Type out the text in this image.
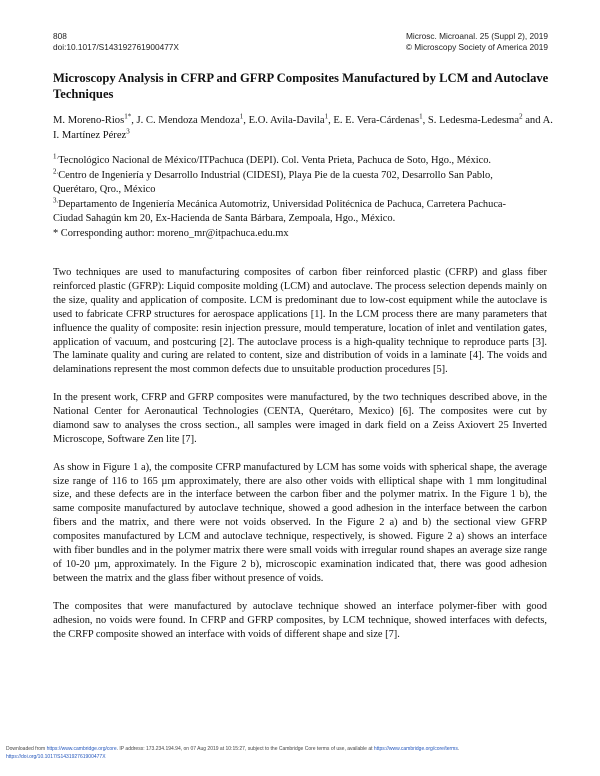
808
doi:10.1017/S143192761900477X
Microsc. Microanal. 25 (Suppl 2), 2019
© Microscopy Society of America 2019
Microscopy Analysis in CFRP and GFRP Composites Manufactured by LCM and Autoclave Techniques

M. Moreno-Rios$^{1*}$, J. C. Mendoza Mendoza$^1$, E.O. Avila-Davila$^1$, E. E. Vera-Cárdenas$^1$, S. Ledesma-Ledesma$^2$ and A. I. Martínez Pérez$^3$

$^{1.}$Tecnológico Nacional de México/ITPachuca (DEPI). Col. Venta Prieta, Pachuca de Soto, Hgo., México.

$^{2.}$Centro de Ingeniería y Desarrollo Industrial (CIDESI), Playa Pie de la cuesta 702, Desarrollo San Pablo, Querétaro, Qro., México

$^{3.}$Departamento de Ingeniería Mecánica Automotriz, Universidad Politécnica de Pachuca, Carretera Pachuca-Ciudad Sahagún km 20, Ex-Hacienda de Santa Bárbara, Zempoala, Hgo., México.

* Corresponding author: moreno_mr@itpachuca.edu.mx

Two techniques are used to manufacturing composites of carbon fiber reinforced plastic (CFRP) and glass fiber reinforced plastic (GFRP): Liquid composite molding (LCM) and autoclave. The process selection depends mainly on the size, quality and application of composite. LCM is predominant due to low-cost equipment while the autoclave is used to fabricate CFRP structures for aerospace applications [1]. In the LCM process there are many parameters that influence the quality of composite: resin injection pressure, mould temperature, location of inlet and ventilation gates, application of vacuum, and postcuring [2]. The autoclave process is a high-quality technique to reproduce parts [3]. The laminate quality and curing are related to content, size and distribution of voids in a laminate [4]. The voids and delaminations represent the most common defects due to unsuitable production procedures [5].

In the present work, CFRP and GFRP composites were manufactured, by the two techniques described above, in the National Center for Aeronautical Technologies (CENTA, Querétaro, Mexico) [6]. The composites were cut by diamond saw to analyses the cross section., all samples were imaged in dark field on a Zeiss Axiovert 25 Inverted Microscope, Software Zen lite [7].

As show in Figure 1 a), the composite CFRP manufactured by LCM has some voids with spherical shape, the average size range of 116 to 165 µm approximately, there are also other voids with elliptical shape with 1 mm longitudinal size, and these defects are in the interface between the carbon fiber and the polymer matrix. In the Figure 1 b), the same composite manufactured by autoclave technique, showed a good adhesion in the interface between the carbon fibers and the matrix, and there were not voids observed. In the Figure 2 a) and b) the sectional view GFRP composites manufactured by LCM and autoclave technique, respectively, is showed. Figure 2 a) shows an interface with fiber bundles and in the polymer matrix there were small voids with irregular round shapes an average size range of 10-20 µm, approximately. In the Figure 2 b), microscopic examination indicated that, there was good adhesion between the matrix and the glass fiber without presence of voids.

The composites that were manufactured by autoclave technique showed an interface polymer-fiber with good adhesion, no voids were found. In CFRP and GFRP composites, by LCM technique, showed interfaces with defects, the CRFP composite showed an interface with voids of different shape and size [7].

Downloaded from https://www.cambridge.org/core. IP address: 173.234.194.94, on 07 Aug 2019 at 10:15:27, subject to the Cambridge Core terms of use, available at https://www.cambridge.org/core/terms.
https://doi.org/10.1017/S143192761900477X
